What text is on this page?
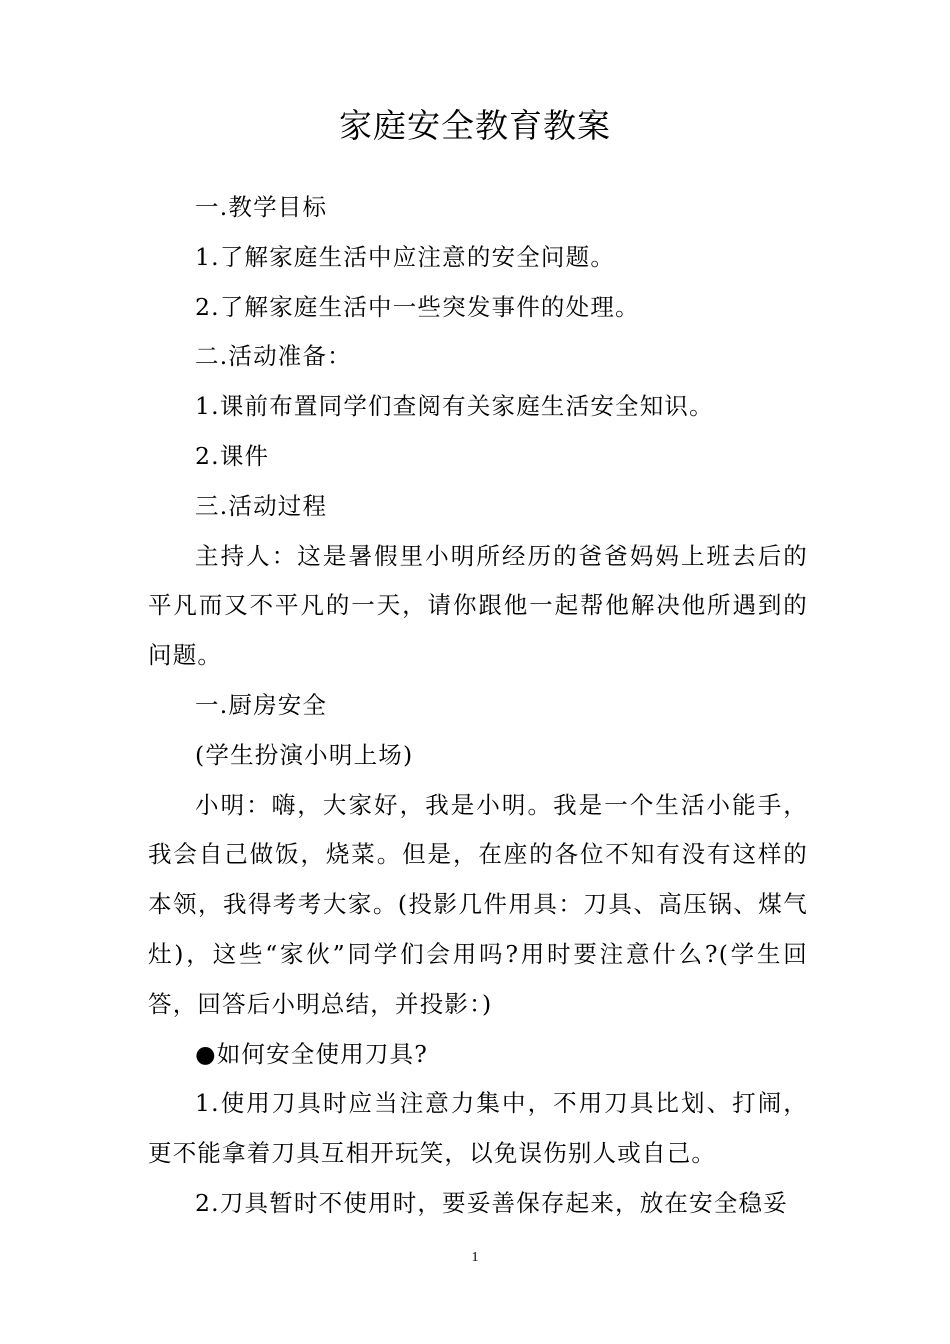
家庭安全教育教案

一.教学目标

1.了解家庭生活中应注意的安全问题。

2.了解家庭生活中一些突发事件的处理。

二.活动准备：

1.课前布置同学们查阅有关家庭生活安全知识。

2.课件

三.活动过程

主持人：这是暑假里小明所经历的爸爸妈妈上班去后的平凡而又不平凡的一天，请你跟他一起帮他解决他所遇到的问题。

一.厨房安全

(学生扮演小明上场)

小明：嗨，大家好，我是小明。我是一个生活小能手，我会自己做饭，烧菜。但是，在座的各位不知有没有这样的本领，我得考考大家。(投影几件用具：刀具、高压锅、煤气灶)，这些“家伙”同学们会用吗?用时要注意什么?(学生回答，回答后小明总结，并投影：)

●如何安全使用刀具?

1.使用刀具时应当注意力集中，不用刀具比划、打闹，更不能拿着刀具互相开玩笑，以免误伤别人或自己。

2.刀具暂时不使用时，要妥善保存起来，放在安全稳妥

1
